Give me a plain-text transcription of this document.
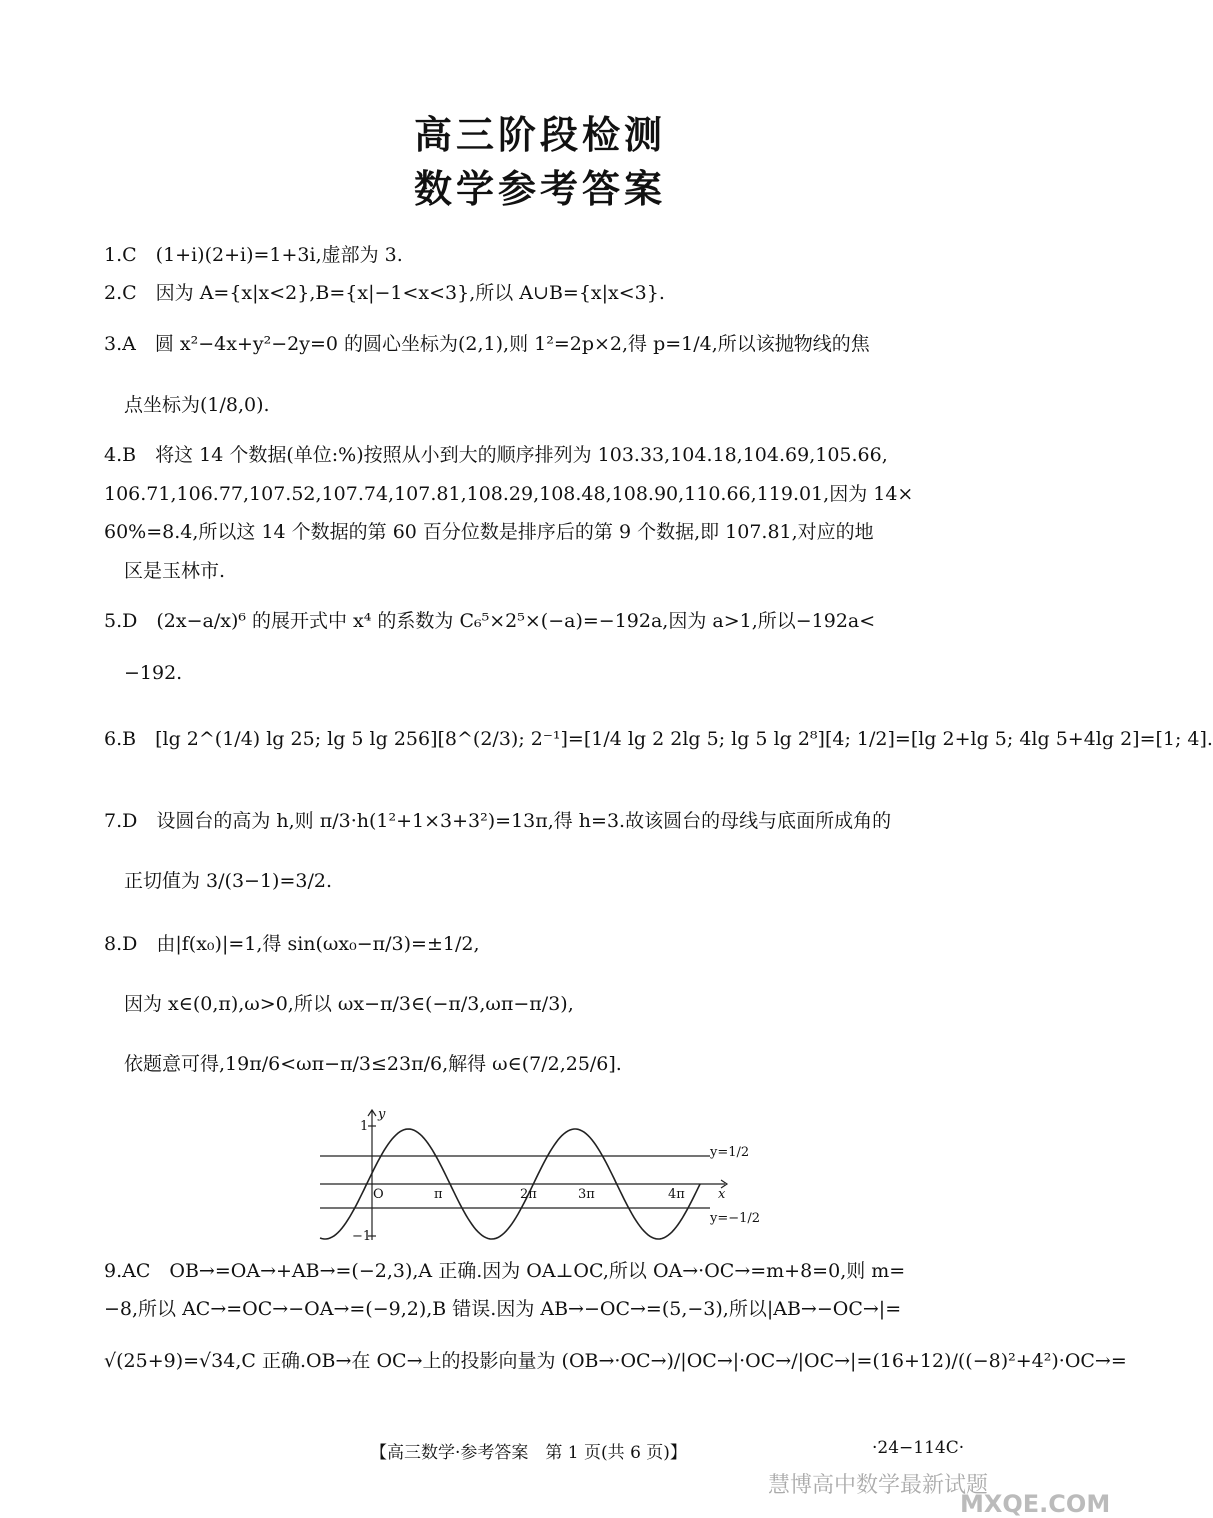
高三阶段检测
数学参考答案
1.C　(1+i)(2+i)=1+3i,虚部为 3.
2.C　因为 A={x|x<2},B={x|−1<x<3},所以 A∪B={x|x<3}.
3.A　圆 x²−4x+y²−2y=0 的圆心坐标为(2,1),则 1²=2p×2,得 p=1/4,所以该抛物线的焦
点坐标为(1/8,0).
4.B　将这 14 个数据(单位:%)按照从小到大的顺序排列为 103.33,104.18,104.69,105.66,
106.71,106.77,107.52,107.74,107.81,108.29,108.48,108.90,110.66,119.01,因为 14×
60%=8.4,所以这 14 个数据的第 60 百分位数是排序后的第 9 个数据,即 107.81,对应的地
区是玉林市.
5.D　(2x−a/x)⁶ 的展开式中 x⁴ 的系数为 C₆⁵×2⁵×(−a)=−192a,因为 a>1,所以−192a<
−192.
6.B　[lg 2^(1/4) lg 25; lg 5 lg 256][8^(2/3); 2⁻¹]=[1/4 lg 2 2lg 5; lg 5 lg 2⁸][4; 1/2]=[lg 2+lg 5; 4lg 5+4lg 2]=[1; 4].
7.D　设圆台的高为 h,则 π/3·h(1²+1×3+3²)=13π,得 h=3.故该圆台的母线与底面所成角的
正切值为 3/(3−1)=3/2.
8.D　由|f(x₀)|=1,得 sin(ωx₀−π/3)=±1/2,
因为 x∈(0,π),ω>0,所以 ωx−π/3∈(−π/3,ωπ−π/3),
依题意可得,19π/6<ωπ−π/3≤23π/6,解得 ω∈(7/2,25/6].
y
x
O
1
−1
π	2π	3π	4π
y=1/2
y=−1/2
9.AC　OB→=OA→+AB→=(−2,3),A 正确.因为 OA⊥OC,所以 OA→·OC→=m+8=0,则 m=
−8,所以 AC→=OC→−OA→=(−9,2),B 错误.因为 AB→−OC→=(5,−3),所以|AB→−OC→|=
√(25+9)=√34,C 正确.OB→在 OC→上的投影向量为 (OB→·OC→)/|OC→|·OC→/|OC→|=(16+12)/((−8)²+4²)·OC→=
【高三数学·参考答案　第 1 页(共 6 页)】	·24−114C·
慧博高中数学最新试题
MXQE.COM
